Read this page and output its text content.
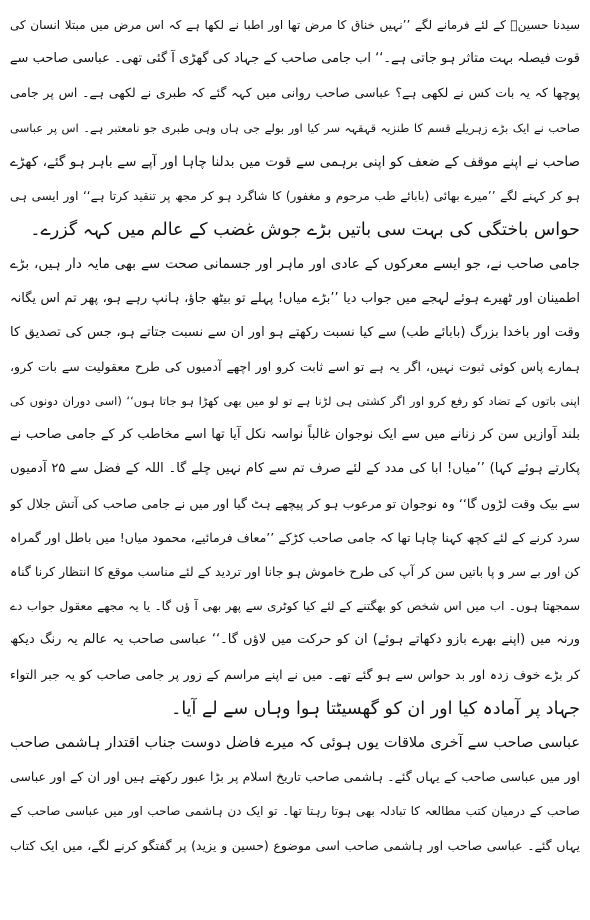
سیدنا حسینؓ کے لئے فرمانے لگے ’’نہیں خناق کا مرض تھا اور اطبا نے لکھا ہے کہ اس مرض میں مبتلا انسان کی
قوت فیصلہ بہت متاثر ہو جاتی ہے۔‘‘ اب جامی صاحب کے جہاد کی گھڑی آ گئی تھی۔ عباسی صاحب سے
پوچھا کہ یہ بات کس نے لکھی ہے؟ عباسی صاحب روانی میں کہہ گئے کہ طبری نے لکھی ہے۔ اس پر جامی
صاحب نے ایک بڑے زہریلے قسم کا طنزیہ قہقہہ سر کیا اور بولے جی ہاں وہی طبری جو نامعتبر ہے۔ اس پر عباسی
صاحب نے اپنے موقف کے ضعف کو اپنی برہمی سے قوت میں بدلنا چاہا اور آپے سے باہر ہو گئے، کھڑے
ہو کر کہنے لگے ’’میرے بھائی (بابائے طب مرحوم و مغفور) کا شاگرد ہو کر مجھ پر تنقید کرتا ہے‘‘ اور ایسی ہی
حواس باختگی کی بہت سی باتیں بڑے جوش غضب کے عالم میں کہہ گزرے۔
جامی صاحب نے، جو ایسے معرکوں کے عادی اور ماہر اور جسمانی صحت سے بھی مایہ دار ہیں، بڑے
اطمینان اور ٹھیرے ہوئے لہجے میں جواب دیا ’’بڑے میاں! پہلے تو بیٹھ جاؤ، ہانپ رہے ہو، پھر تم اس یگانہ
وقت اور باخدا بزرگ (بابائے طب) سے کیا نسبت رکھتے ہو اور ان سے نسبت جتاتے ہو، جس کی تصدیق کا
ہمارے پاس کوئی ثبوت نہیں، اگر یہ ہے تو اسے ثابت کرو اور اچھے آدمیوں کی طرح معقولیت سے بات کرو،
اپنی باتوں کے تضاد کو رفع کرو اور اگر کشتی ہی لڑنا ہے تو لو میں بھی کھڑا ہو جاتا ہوں‘‘ (اسی دوران دونوں کی
بلند آوازیں سن کر زنانے میں سے ایک نوجوان غالباً نواسہ نکل آیا تھا اسے مخاطب کر کے جامی صاحب نے
پکارتے ہوئے کہا) ’’میاں! ابا کی مدد کے لئے صرف تم سے کام نہیں چلے گا۔ اللہ کے فضل سے ۲۵ آدمیوں
سے بیک وقت لڑوں گا‘‘ وہ نوجوان تو مرعوب ہو کر پیچھے ہٹ گیا اور میں نے جامی صاحب کی آتش جلال کو
سرد کرنے کے لئے کچھ کہنا چاہا تھا کہ جامی صاحب کڑکے ’’معاف فرمائیے، محمود میاں! میں باطل اور گمراہ
کن اور بے سر و پا باتیں سن کر آپ کی طرح خاموش ہو جانا اور تردید کے لئے مناسب موقع کا انتظار کرنا گناہ
سمجھتا ہوں۔ اب میں اس شخص کو بھگتنے کے لئے کیا کوٹری سے پھر بھی آ ؤں گا۔ یا یہ مجھے معقول جواب دے
ورنہ میں (اپنے بھرے بازو دکھاتے ہوئے) ان کو حرکت میں لاؤں گا۔‘‘ عباسی صاحب یہ عالم یہ رنگ دیکھ
کر بڑے خوف زدہ اور بد حواس سے ہو گئے تھے۔ میں نے اپنے مراسم کے زور پر جامی صاحب کو یہ جبر التواء
جہاد پر آمادہ کیا اور ان کو گھسیٹتا ہوا وہاں سے لے آیا۔
عباسی صاحب سے آخری ملاقات یوں ہوئی کہ میرے فاضل دوست جناب اقتدار ہاشمی صاحب
اور میں عباسی صاحب کے یہاں گئے۔ ہاشمی صاحب تاریخ اسلام پر بڑا عبور رکھتے ہیں اور ان کے اور عباسی
صاحب کے درمیان کتب مطالعہ کا تبادلہ بھی ہوتا رہتا تھا۔ تو ایک دن ہاشمی صاحب اور میں عباسی صاحب کے
یہاں گئے۔ عباسی صاحب اور ہاشمی صاحب اسی موضوع (حسین و یزید) پر گفتگو کرنے لگے، میں ایک کتاب
